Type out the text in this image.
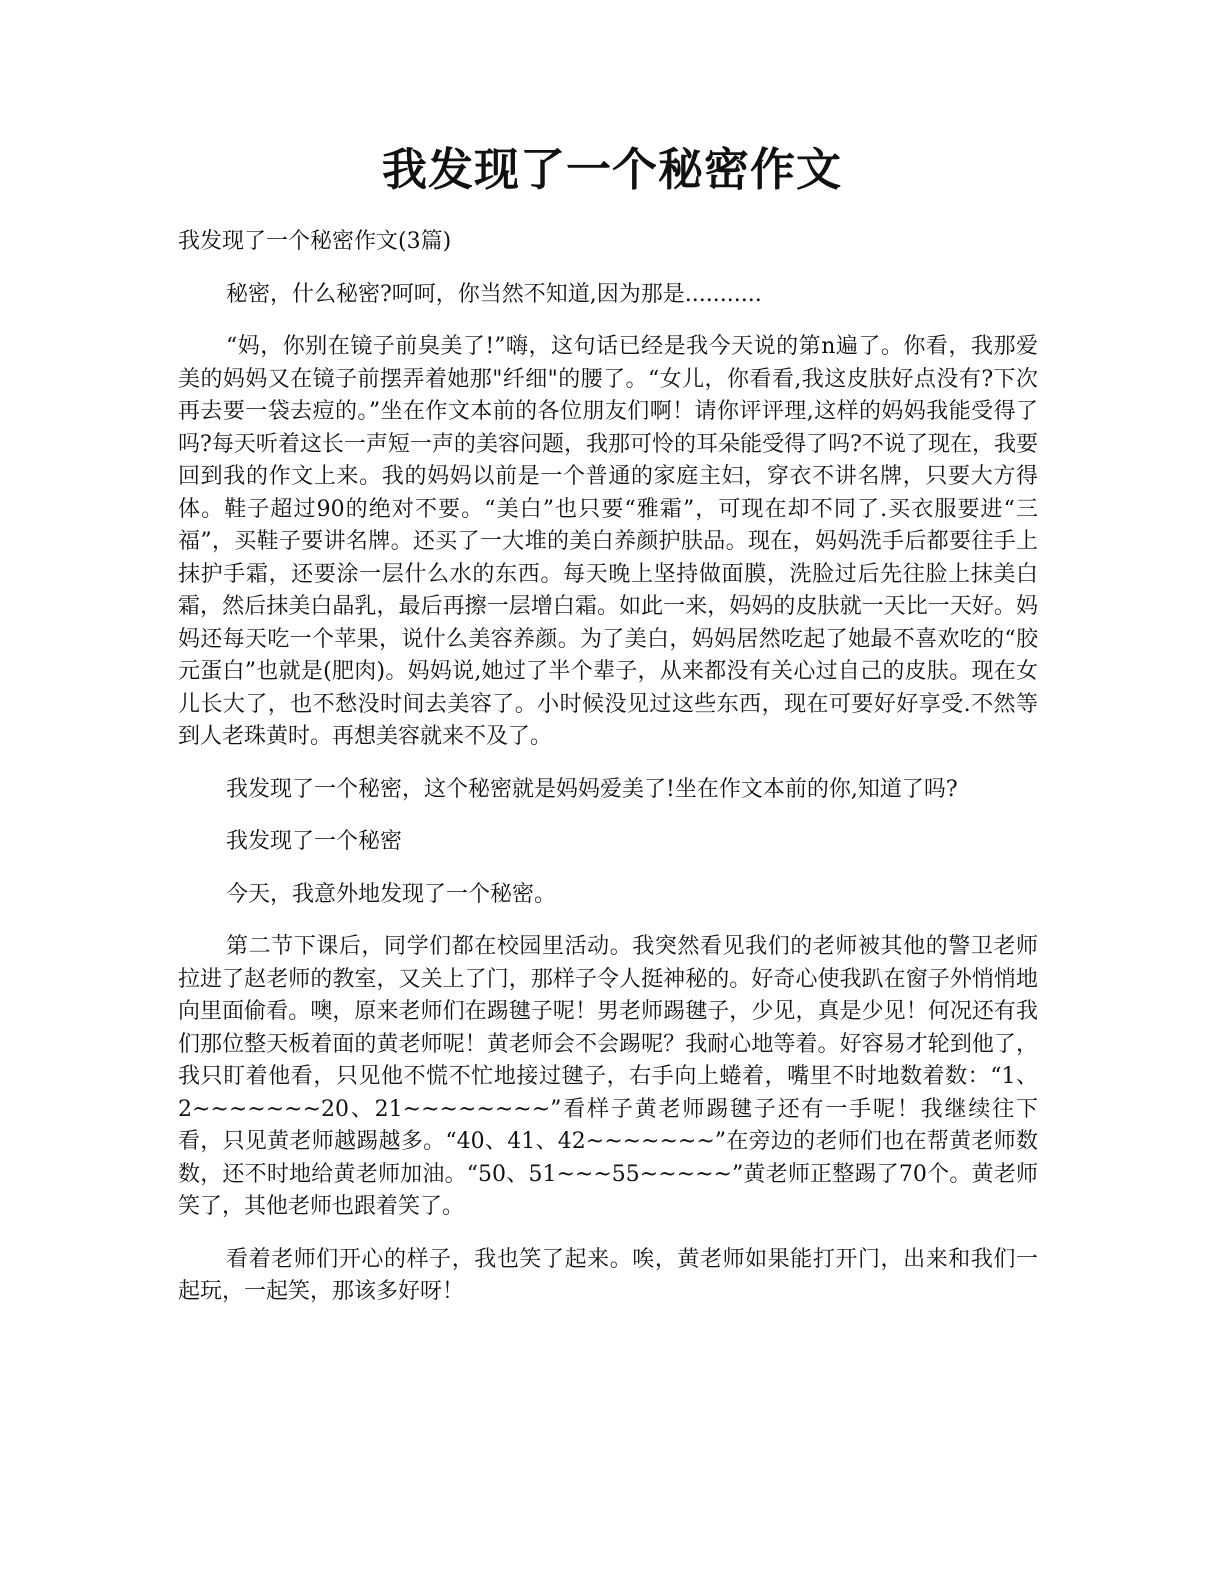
我发现了一个秘密作文

我发现了一个秘密作文(3篇)

秘密，什么秘密?呵呵，你当然不知道,因为那是...........

“妈，你别在镜子前臭美了!”嗨，这句话已经是我今天说的第n遍了。你看，我那爱美的妈妈又在镜子前摆弄着她那"纤细"的腰了。“女儿，你看看,我这皮肤好点没有?下次再去要一袋去痘的。”坐在作文本前的各位朋友们啊！请你评评理,这样的妈妈我能受得了吗?每天听着这长一声短一声的美容问题，我那可怜的耳朵能受得了吗?不说了现在，我要回到我的作文上来。我的妈妈以前是一个普通的家庭主妇，穿衣不讲名牌，只要大方得体。鞋子超过90的绝对不要。“美白”也只要“雅霜”，可现在却不同了.买衣服要进“三福”，买鞋子要讲名牌。还买了一大堆的美白养颜护肤品。现在，妈妈洗手后都要往手上抹护手霜，还要涂一层什么水的东西。每天晚上坚持做面膜，洗脸过后先往脸上抹美白霜，然后抹美白晶乳，最后再擦一层增白霜。如此一来，妈妈的皮肤就一天比一天好。妈妈还每天吃一个苹果，说什么美容养颜。为了美白，妈妈居然吃起了她最不喜欢吃的“胶元蛋白”也就是(肥肉)。妈妈说,她过了半个辈子，从来都没有关心过自己的皮肤。现在女儿长大了，也不愁没时间去美容了。小时候没见过这些东西，现在可要好好享受.不然等到人老珠黄时。再想美容就来不及了。

我发现了一个秘密，这个秘密就是妈妈爱美了!坐在作文本前的你,知道了吗?

我发现了一个秘密

今天，我意外地发现了一个秘密。

第二节下课后，同学们都在校园里活动。我突然看见我们的老师被其他的警卫老师拉进了赵老师的教室，又关上了门，那样子令人挺神秘的。好奇心使我趴在窗子外悄悄地向里面偷看。噢，原来老师们在踢毽子呢！男老师踢毽子，少见，真是少见！何况还有我们那位整天板着面的黄老师呢！黄老师会不会踢呢？我耐心地等着。好容易才轮到他了，我只盯着他看，只见他不慌不忙地接过毽子，右手向上蜷着，嘴里不时地数着数：“1、2~~~~~~~20、21~~~~~~~~”看样子黄老师踢毽子还有一手呢！我继续往下看，只见黄老师越踢越多。“40、41、42~~~~~~~”在旁边的老师们也在帮黄老师数数，还不时地给黄老师加油。“50、51~~~55~~~~~”黄老师正整踢了70个。黄老师笑了，其他老师也跟着笑了。

看着老师们开心的样子，我也笑了起来。唉，黄老师如果能打开门，出来和我们一起玩，一起笑，那该多好呀！
